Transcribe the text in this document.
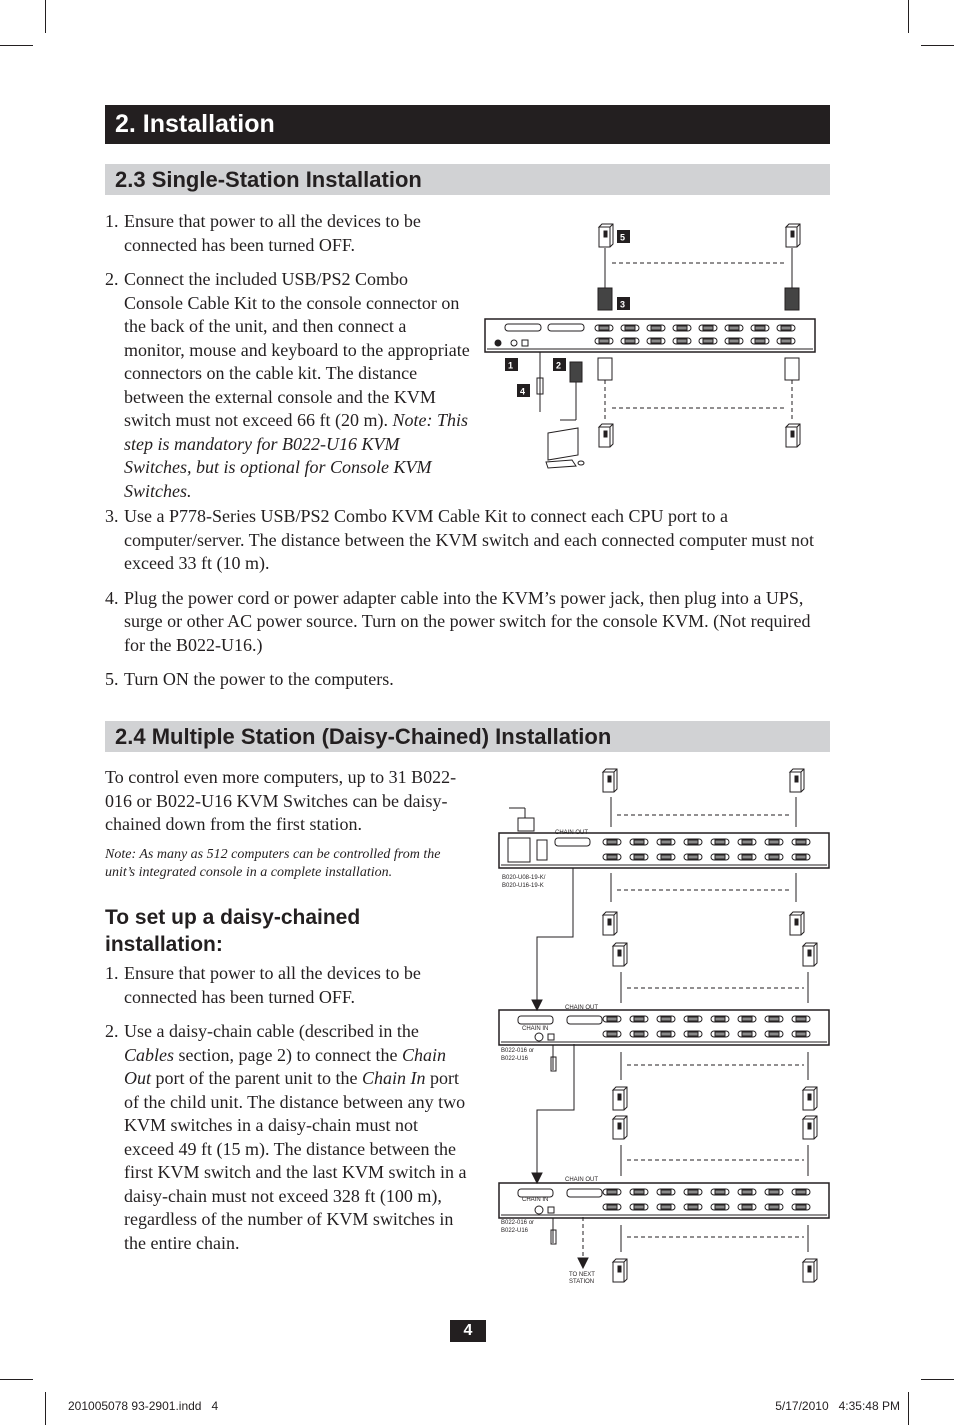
2. Installation
2.3 Single-Station Installation
1. Ensure that power to all the devices to be connected has been turned OFF.
2. Connect the included USB/PS2 Combo Console Cable Kit to the console connector on the back of the unit, and then connect a monitor, mouse and keyboard to the appropriate connectors on the cable kit. The distance between the external console and the KVM switch must not exceed 66 ft (20 m). Note: This step is mandatory for B022-U16 KVM Switches, but is optional for Console KVM Switches.
3. Use a P778-Series USB/PS2 Combo KVM Cable Kit to connect each CPU port to a computer/server. The distance between the KVM switch and each connected computer must not exceed 33 ft (10 m).
4. Plug the power cord or power adapter cable into the KVM’s power jack, then plug into a UPS, surge or other AC power source. Turn on the power switch for the console KVM. (Not required for the B022-U16.)
5. Turn ON the power to the computers.
5
3
1	2
4
2.4 Multiple Station (Daisy-Chained) Installation
To control even more computers, up to 31 B022-016 or B022-U16 KVM Switches can be daisy-chained down from the first station.
Note: As many as 512 computers can be controlled from the unit’s integrated console in a complete installation.
To set up a daisy-chained installation:
1. Ensure that power to all the devices to be connected has been turned OFF.
2. Use a daisy-chain cable (described in the Cables section, page 2) to connect the Chain Out port of the parent unit to the Chain In port of the child unit. The distance between any two KVM switches in a daisy-chain must not exceed 49 ft (15 m). The distance between the first KVM switch and the last KVM switch in a daisy-chain must not exceed 328 ft (100 m), regardless of the number of KVM switches in the entire chain.
CHAIN OUT
B020-U08-19-K/
B020-U16-19-K
CHAIN OUT
CHAIN IN
B022-016 or
B022-U16
CHAIN OUT
CHAIN IN
B022-016 or
B022-U16
TO NEXT
STATION
4
201005078 93-2901.indd   4	5/17/2010   4:35:48 PM
